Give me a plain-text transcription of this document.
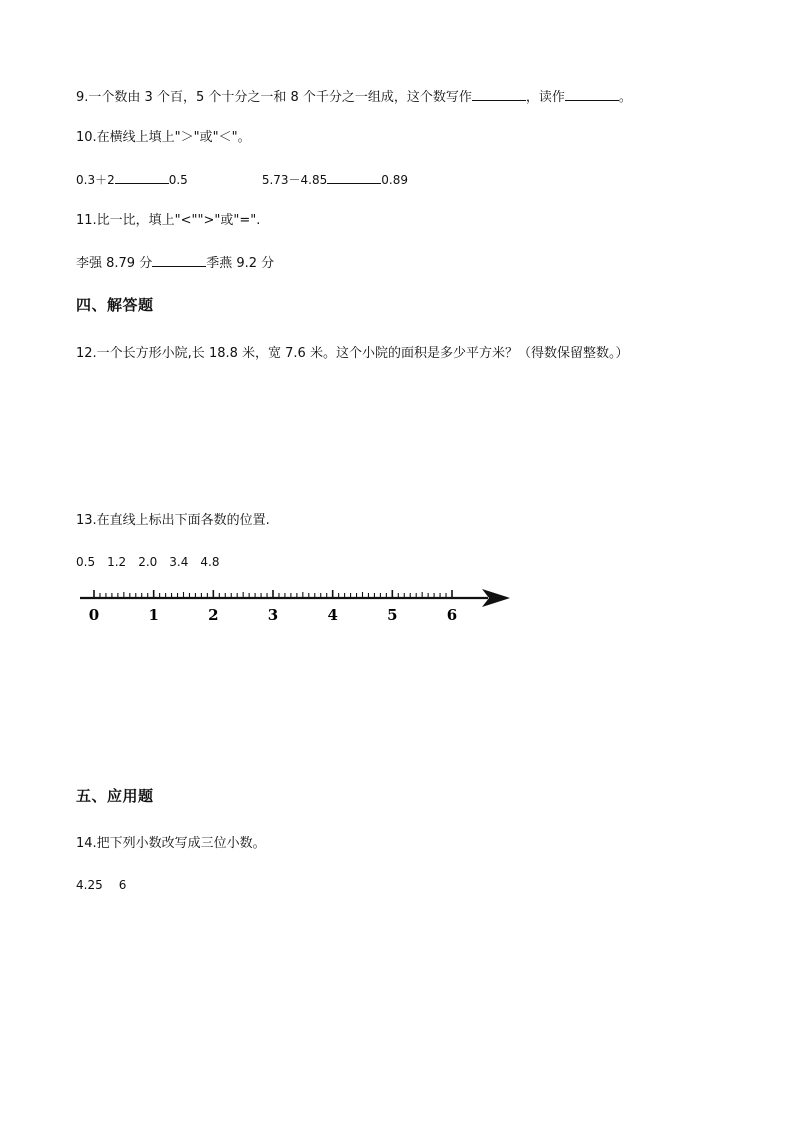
9.一个数由 3 个百，5 个十分之一和 8 个千分之一组成，这个数写作	，读作	。
10.在横线上填上"＞"或"＜"。
0.3＋2	0.5	5.73－4.85	0.89
11.比一比，填上"<"">"或"=".
李强 8.79 分	季燕 9.2 分
四、解答题
12.一个长方形小院,长 18.8 米，宽 7.6 米。这个小院的面积是多少平方米？（得数保留整数。）
13.在直线上标出下面各数的位置.
0.5 1.2 2.0 3.4 4.8
0	1	2	3	4	5	6
五、应用题
14.把下列小数改写成三位小数。
4.25 6
